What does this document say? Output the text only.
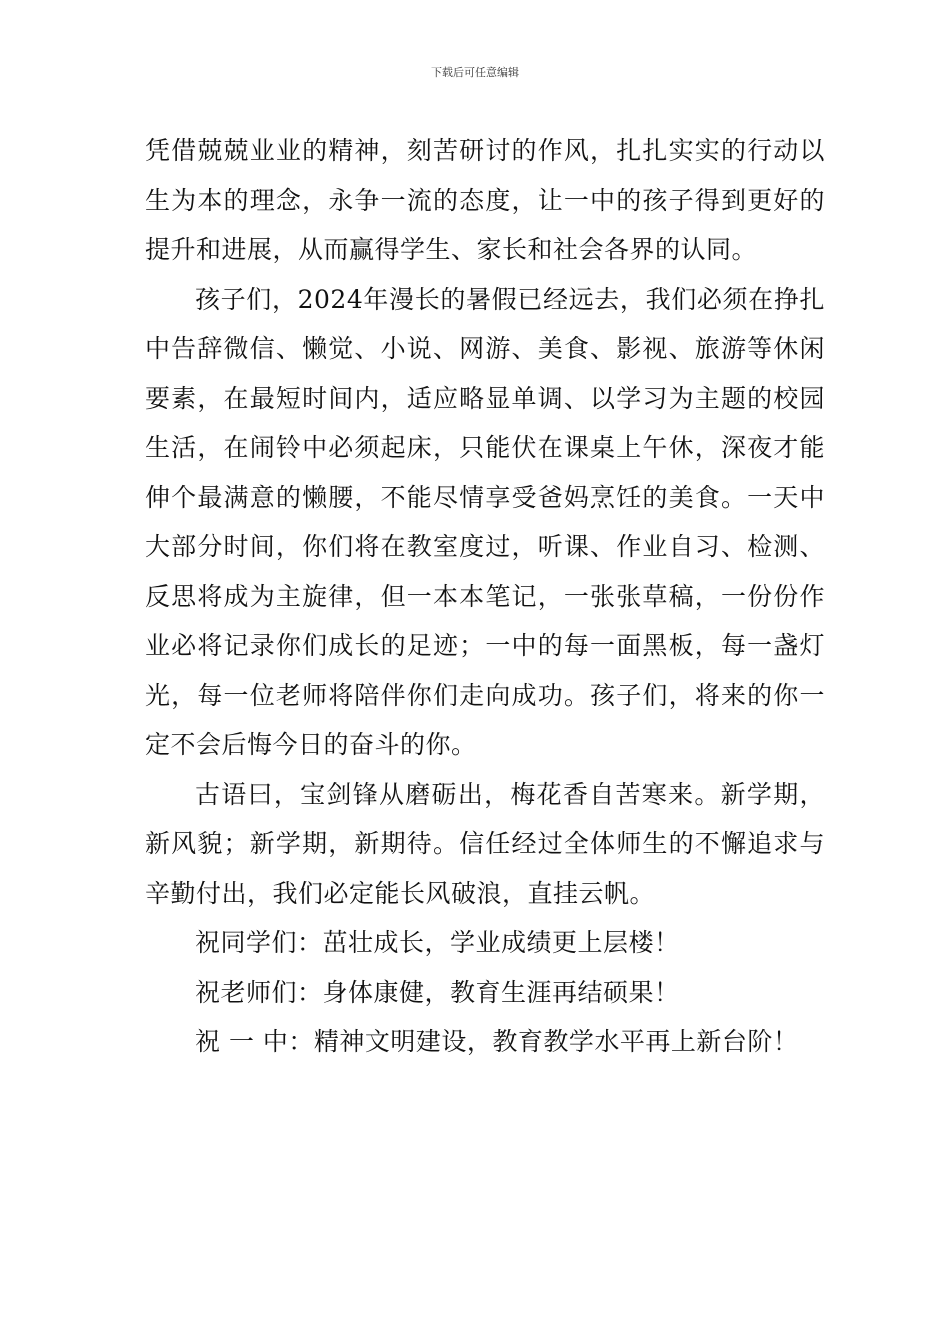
下载后可任意编辑

凭借兢兢业业的精神，刻苦研讨的作风，扎扎实实的行动以生为本的理念，永争一流的态度，让一中的孩子得到更好的提升和进展，从而赢得学生、家长和社会各界的认同。

孩子们，2024年漫长的暑假已经远去，我们必须在挣扎中告辞微信、懒觉、小说、网游、美食、影视、旅游等休闲要素，在最短时间内，适应略显单调、以学习为主题的校园生活，在闹铃中必须起床，只能伏在课桌上午休，深夜才能伸个最满意的懒腰，不能尽情享受爸妈烹饪的美食。一天中大部分时间，你们将在教室度过，听课、作业自习、检测、反思将成为主旋律，但一本本笔记，一张张草稿，一份份作业必将记录你们成长的足迹；一中的每一面黑板，每一盏灯光，每一位老师将陪伴你们走向成功。孩子们，将来的你一定不会后悔今日的奋斗的你。

古语曰，宝剑锋从磨砺出，梅花香自苦寒来。新学期，新风貌；新学期，新期待。信任经过全体师生的不懈追求与辛勤付出，我们必定能长风破浪，直挂云帆。

祝同学们：茁壮成长，学业成绩更上层楼！

祝老师们：身体康健，教育生涯再结硕果！

祝 一 中：精神文明建设，教育教学水平再上新台阶！
